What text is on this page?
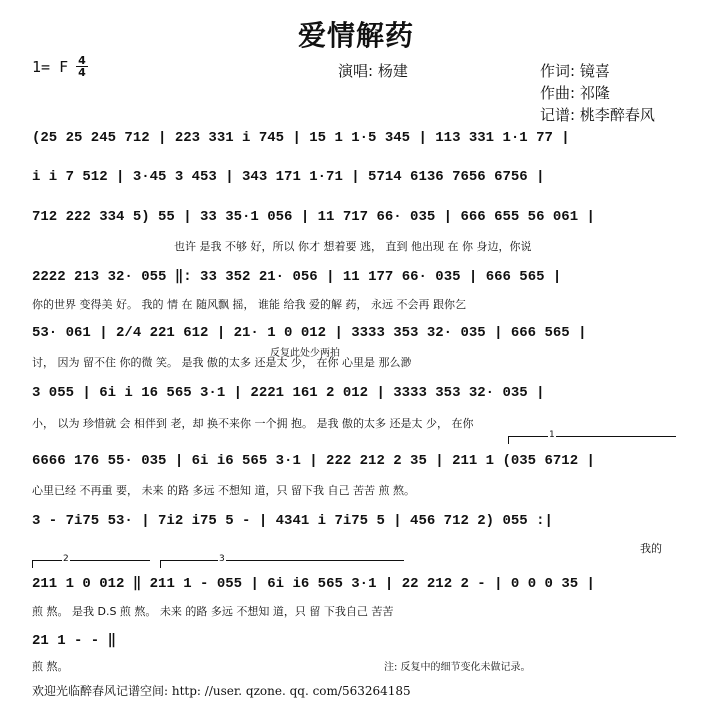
爱情解药
1= F 4
4	演唱: 杨建	作词: 镜喜
作曲: 祁隆
记谱: 桃李醉春风
(25 25 245 712 | 223 331 i 745 | 15 1 1·5 345 | 113 331 1·1 77 |
i i 7 512 | 3·45 3 453 | 343 171 1·71 | 5714 6136 7656 6756 |
712 222 334 5) 55 | 33 35·1 056 | 11 717 66· 035 | 666 655 56 061 |
也许 是我 不够 好，所以 你才 想着要 逃， 直到 他出现 在 你 身边，你说
2222 213 32· 055 ‖: 33 352 21· 056 | 11 177 66· 035 | 666 565 |
你的世界 变得美 好。 我的 情 在 随风飘 摇， 谁能 给我 爱的解 药， 永远 不会再 跟你乞
53· 061 | 2/4 221 612 | 21· 1 0 012 | 3333 353 32· 035 | 666 565 |
反复此处少两拍
讨， 因为 留不住 你的微 笑。 是我 傲的太多 还是太 少， 在你 心里是 那么渺
3 055 | 6i i 16 565 3·1 | 2221 161 2 012 | 3333 353 32· 035 |
小， 以为 珍惜就 会 相伴到 老，却 换不来你 一个拥 抱。 是我 傲的太多 还是太 少， 在你
1
6666 176 55· 035 | 6i i6 565 3·1 | 222 212 2 35 | 211 1 (035 6712 |
心里已经 不再重 要， 未来 的路 多远 不想知 道，只 留下我 自己 苦苦 煎 熬。
3 - 7i75 53· | 7i2 i75 5 - | 4341 i 7i75 5 | 456 712 2) 055 :|
我的
2	3
211 1 0 012 ‖ 211 1 - 055 | 6i i6 565 3·1 | 22 212 2 - | 0 0 0 35 |
煎 熬。 是我 D.S 煎 熬。 未来 的路 多远 不想知 道，只 留 下我自己 苦苦
21 1 - - ‖
煎 熬。	注: 反复中的细节变化未做记录。
欢迎光临醉春风记谱空间: http: //user. qzone. qq. com/563264185
